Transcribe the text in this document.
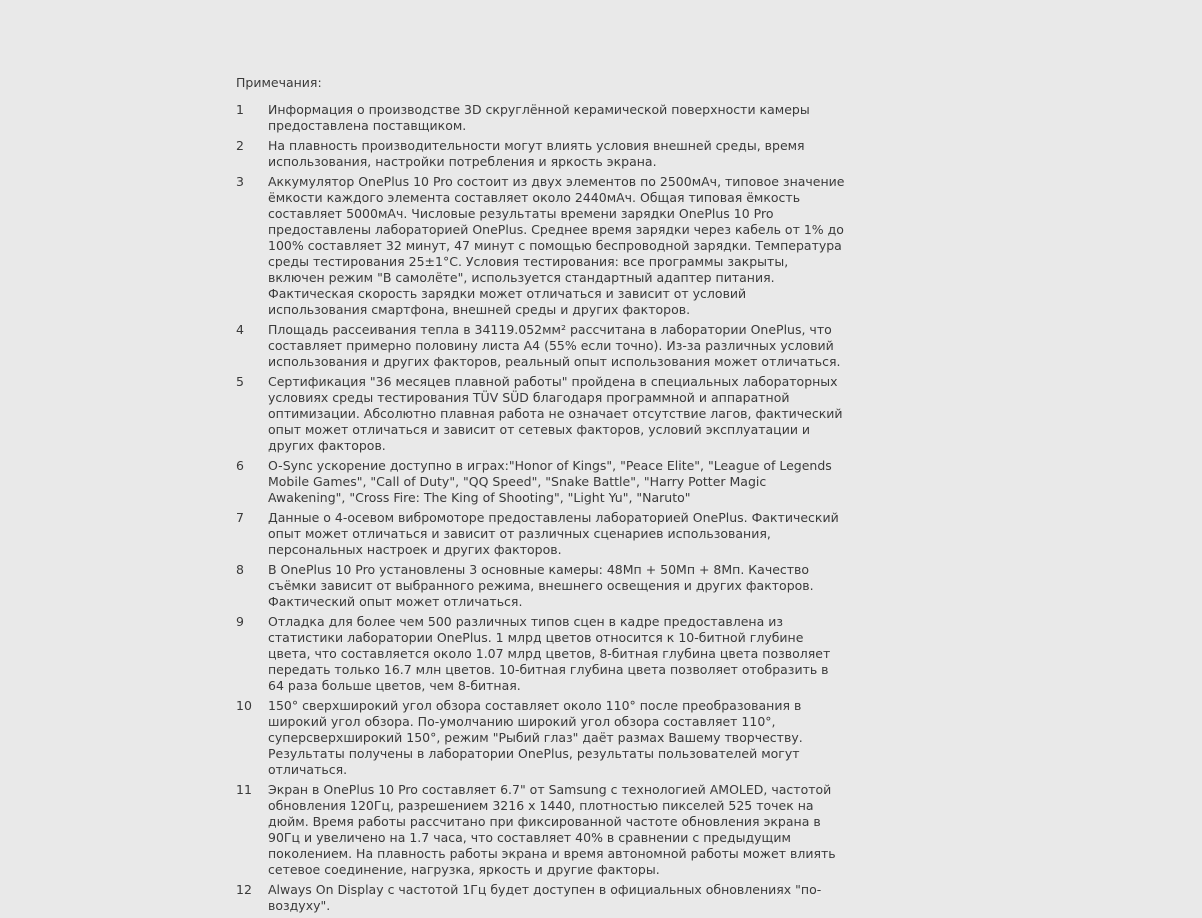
Примечания:
1	Информация о производстве 3D скруглённой керамической поверхности камеры предоставлена поставщиком.
2	На плавность производительности могут влиять условия внешней среды, время использования, настройки потребления и яркость экрана.
3	Аккумулятор OnePlus 10 Pro состоит из двух элементов по 2500мАч, типовое значение ёмкости каждого элемента составляет около 2440мАч. Общая типовая ёмкость составляет 5000мАч. Числовые результаты времени зарядки OnePlus 10 Pro предоставлены лабораторией OnePlus. Среднее время зарядки через кабель от 1% до 100% составляет 32 минут, 47 минут с помощью беспроводной зарядки. Температура среды тестирования 25±1°C. Условия тестирования: все программы закрыты, включен режим "В самолёте", используется стандартный адаптер питания. Фактическая скорость зарядки может отличаться и зависит от условий использования смартфона, внешней среды и других факторов.
4	Площадь рассеивания тепла в 34119.052мм² рассчитана в лаборатории OnePlus, что составляет примерно половину листа A4 (55% если точно). Из-за различных условий использования и других факторов, реальный опыт использования может отличаться.
5	Сертификация "36 месяцев плавной работы" пройдена в специальных лабораторных условиях среды тестирования TÜV SÜD благодаря программной и аппаратной оптимизации. Абсолютно плавная работа не означает отсутствие лагов, фактический опыт может отличаться и зависит от сетевых факторов, условий эксплуатации и других факторов.
6	O-Sync ускорение доступно в играх:"Honor of Kings", "Peace Elite", "League of Legends Mobile Games", "Call of Duty", "QQ Speed", "Snake Battle", "Harry Potter Magic Awakening", "Cross Fire: The King of Shooting", "Light Yu", "Naruto"
7	Данные о 4-осевом вибромоторе предоставлены лабораторией OnePlus. Фактический опыт может отличаться и зависит от различных сценариев использования, персональных настроек и других факторов.
8	В OnePlus 10 Pro установлены 3 основные камеры: 48Мп + 50Мп + 8Мп. Качество съёмки зависит от выбранного режима, внешнего освещения и других факторов. Фактический опыт может отличаться.
9	Отладка для более чем 500 различных типов сцен в кадре предоставлена из статистики лаборатории OnePlus. 1 млрд цветов относится к 10-битной глубине цвета, что составляется около 1.07 млрд цветов, 8-битная глубина цвета позволяет передать только 16.7 млн цветов. 10-битная глубина цвета позволяет отобразить в 64 раза больше цветов, чем 8-битная.
10	150° сверхширокий угол обзора составляет около 110° после преобразования в широкий угол обзора. По-умолчанию широкий угол обзора составляет 110°, суперсверхширокий 150°, режим "Рыбий глаз" даёт размах Вашему творчеству. Результаты получены в лаборатории OnePlus, результаты пользователей могут отличаться.
11	Экран в OnePlus 10 Pro составляет 6.7" от Samsung с технологией AMOLED, частотой обновления 120Гц, разрешением 3216 x 1440, плотностью пикселей 525 точек на дюйм. Время работы рассчитано при фиксированной частоте обновления экрана в 90Гц и увеличено на 1.7 часа, что составляет 40% в сравнении с предыдущим поколением. На плавность работы экрана и время автономной работы может влиять сетевое соединение, нагрузка, яркость и другие факторы.
12	Always On Display с частотой 1Гц будет доступен в официальных обновлениях "по-воздуху".
